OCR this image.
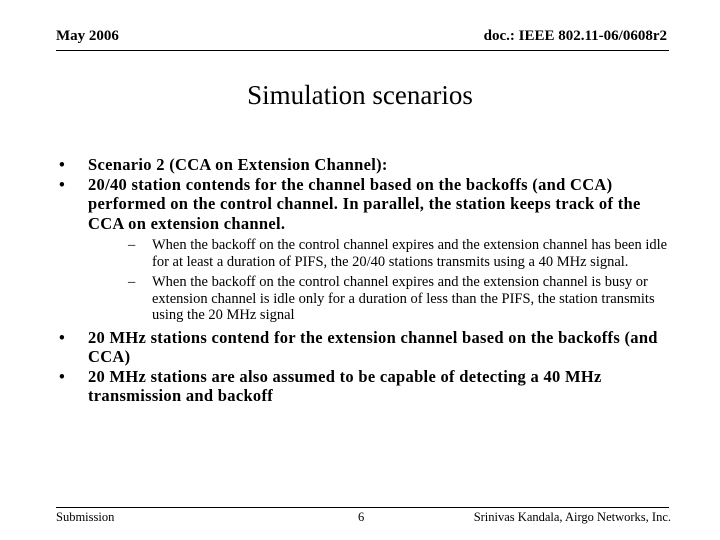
May 2006	doc.: IEEE 802.11-06/0608r2
Simulation scenarios
• Scenario 2 (CCA on Extension Channel):
• 20/40 station contends for the channel based on the backoffs (and CCA) performed on the control channel. In parallel, the station keeps track of the CCA on extension channel.
– When the backoff on the control channel expires and the extension channel has been idle for at least a duration of PIFS, the 20/40 stations transmits using a 40 MHz signal.
– When the backoff on the control channel expires and the extension channel is busy or extension channel is idle only for a duration of less than the PIFS, the station transmits using the 20 MHz signal
• 20 MHz stations contend for the extension channel based on the backoffs (and CCA)
• 20 MHz stations are also assumed to be capable of detecting a 40 MHz transmission and backoff
Submission	6	Srinivas Kandala, Airgo Networks, Inc.
